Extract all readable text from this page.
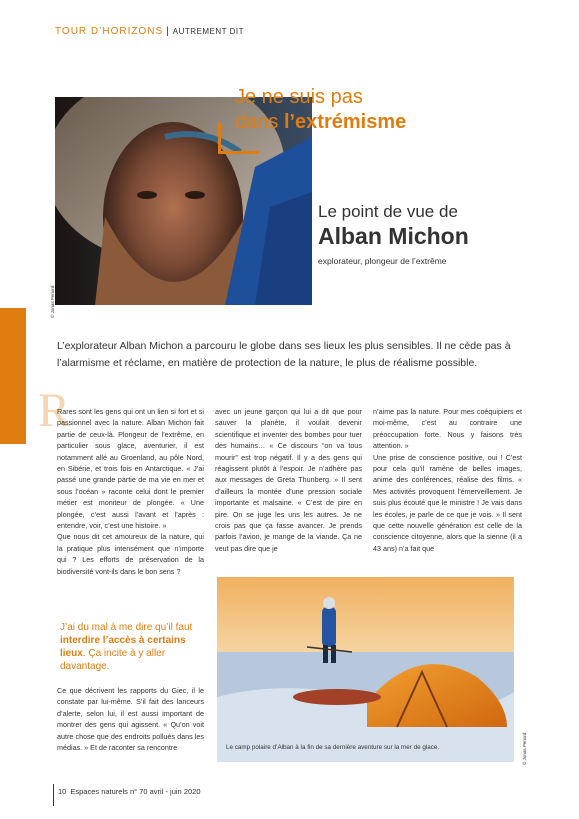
TOUR D’HORIZONS | AUTREMENT DIT
© Jonas Penord
Je ne suis pas
dans l’extrémisme
Le point de vue de
Alban Michon
explorateur, plongeur de l’extrême
L’explorateur Alban Michon a parcouru le globe dans ses lieux les plus sensibles. Il ne cède pas à l’alarmisme et réclame, en matière de protection de la nature, le plus de réalisme possible.
R

Rares sont les gens qui ont un lien si fort et si passionnel avec la nature. Alban Michon fait partie de ceux-là. Plongeur de l’extrême, en particulier sous glace, aventurier, il est notamment allé au Groenland, au pôle Nord, en Sibérie, et trois fois en Antarctique. « J’ai passé une grande partie de ma vie en mer et sous l’océan » raconte celui dont le premier métier est moniteur de plongée. « Une plongée, c’est aussi l’avant et l’après : entendre, voir, c’est une histoire. »

Que nous dit cet amoureux de la nature, qui la pratique plus intensément que n’importe qui ? Les efforts de préservation de la biodiversité vont-ils dans le bon sens ?

J’ai du mal à me dire qu’il faut interdire l’accès à certains lieux. Ça incite à y aller davantage.

Ce que décrivent les rapports du Giec, il le constate par lui-même. S’il fait des lanceurs d’alerte, selon lui, il est aussi important de montrer des gens qui agissent. « Qu’on voit autre chose que des endroits pollués dans les médias. » Et de raconter sa rencontre

avec un jeune garçon qui lui a dit que pour sauver la planète, il voulait devenir scientifique et inventer des bombes pour tuer des humains… « Ce discours “on va tous mourir” est trop négatif. Il y a des gens qui réagissent plutôt à l’espoir. Je n’adhère pas aux messages de Greta Thunberg. » Il sent d’ailleurs la montée d’une pression sociale importante et malsaine. « C’est de pire en pire. On se juge les uns les autres. Je ne crois pas que ça fasse avancer. Je prends parfois l’avion, je mange de la viande. Ça ne veut pas dire que je

n’aime pas la nature. Pour mes coéquipiers et moi-même, c’est au contraire une préoccupation forte. Nous y faisons très attention. »

Une prise de conscience positive, oui ! C’est pour cela qu’il ramène de belles images, anime des conférences, réalise des films. « Mes activités provoquent l’émerveillement. Je suis plus écouté que le ministre ! Je vais dans les écoles, je parle de ce que je vois. » Il sent que cette nouvelle génération est celle de la conscience citoyenne, alors que la sienne (il a 43 ans) n’a fait que

Le camp polaire d’Alban à la fin de sa dernière aventure sur la mer de glace.	© Jonas Penord
10 Espaces naturels n° 70 avril - juin 2020
